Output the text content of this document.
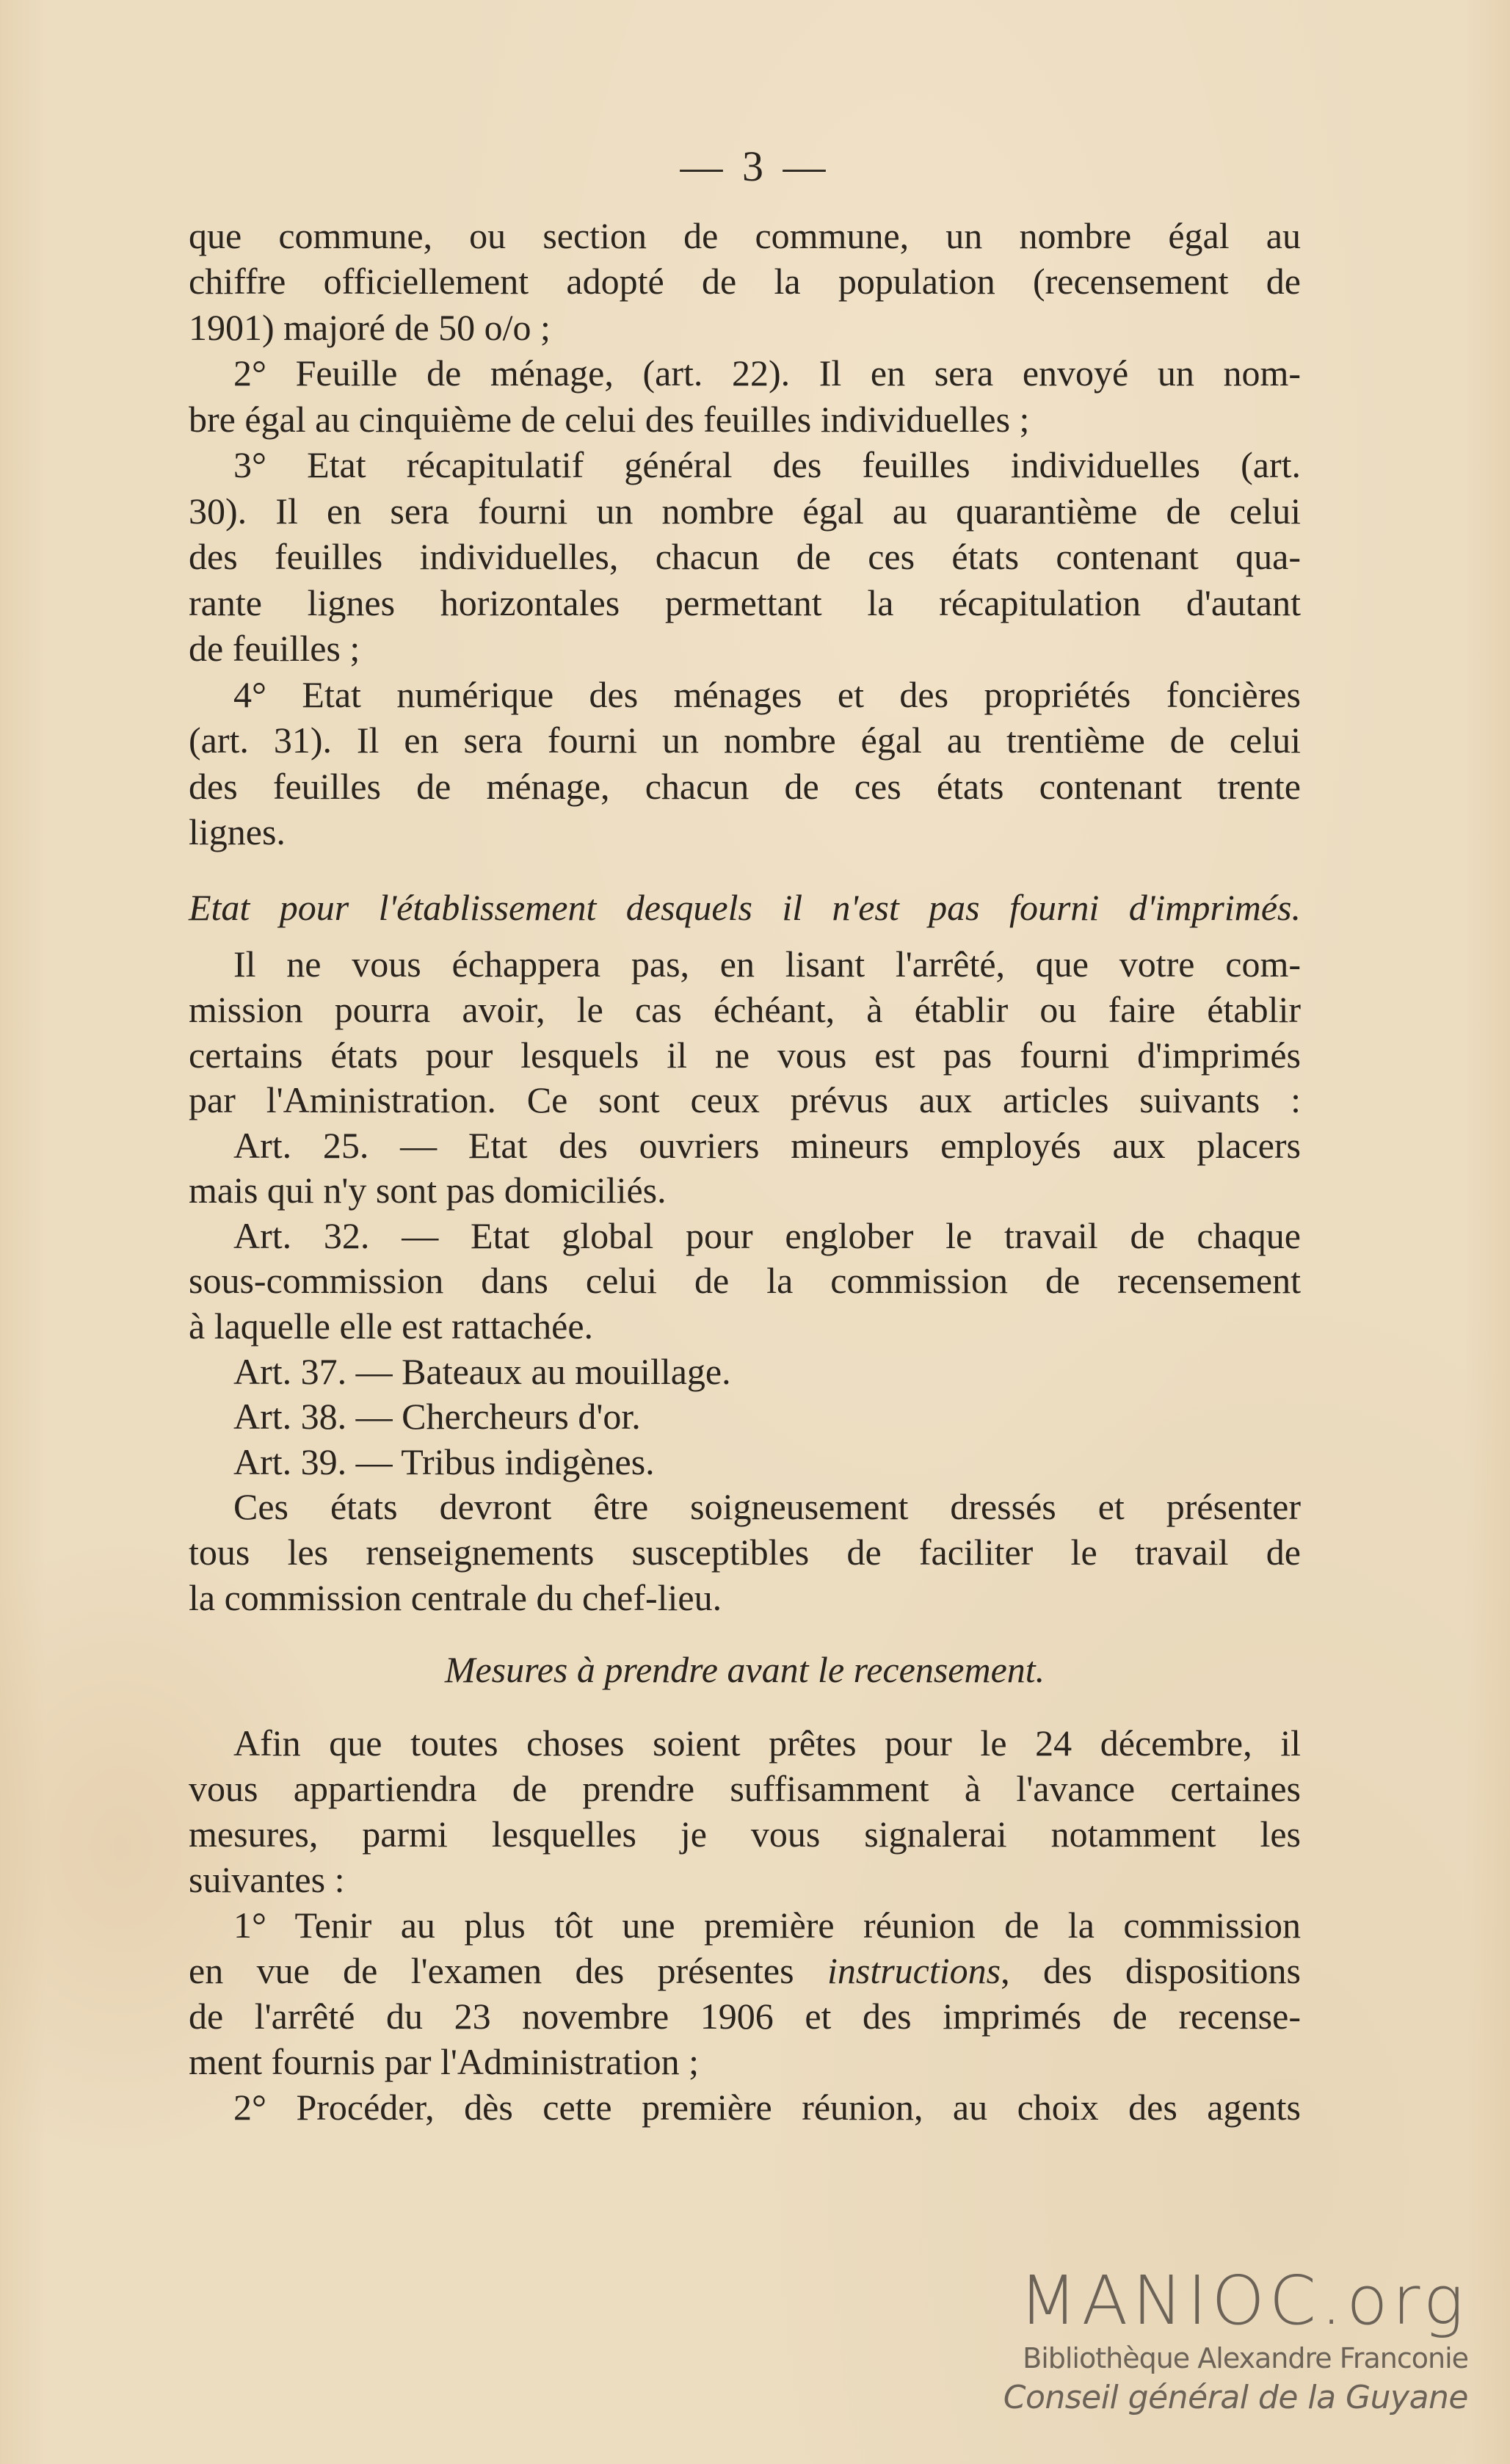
— 3 —
que commune, ou section de commune, un nombre égal au
chiffre officiellement adopté de la population (recensement de
1901) majoré de 50 o/o ;
2° Feuille de ménage, (art. 22). Il en sera envoyé un nom-
bre égal au cinquième de celui des feuilles individuelles ;
3° Etat récapitulatif général des feuilles individuelles (art.
30). Il en sera fourni un nombre égal au quarantième de celui
des feuilles individuelles, chacun de ces états contenant qua-
rante lignes horizontales permettant la récapitulation d'autant
de feuilles ;
4° Etat numérique des ménages et des propriétés foncières
(art. 31). Il en sera fourni un nombre égal au trentième de celui
des feuilles de ménage, chacun de ces états contenant trente
lignes.
Etat pour l'établissement desquels il n'est pas fourni d'imprimés.
Il ne vous échappera pas, en lisant l'arrêté, que votre com-
mission pourra avoir, le cas échéant, à établir ou faire établir
certains états pour lesquels il ne vous est pas fourni d'imprimés
par l'Aministration. Ce sont ceux prévus aux articles suivants :
Art. 25. — Etat des ouvriers mineurs employés aux placers
mais qui n'y sont pas domiciliés.
Art. 32. — Etat global pour englober le travail de chaque
sous-commission dans celui de la commission de recensement
à laquelle elle est rattachée.
Art. 37. — Bateaux au mouillage.
Art. 38. — Chercheurs d'or.
Art. 39. — Tribus indigènes.
Ces états devront être soigneusement dressés et présenter
tous les renseignements susceptibles de faciliter le travail de
la commission centrale du chef-lieu.
Mesures à prendre avant le recensement.
Afin que toutes choses soient prêtes pour le 24 décembre, il
vous appartiendra de prendre suffisamment à l'avance certaines
mesures, parmi lesquelles je vous signalerai notamment les
suivantes :
1° Tenir au plus tôt une première réunion de la commission
en vue de l'examen des présentes instructions, des dispositions
de l'arrêté du 23 novembre 1906 et des imprimés de recense-
ment fournis par l'Administration ;
2° Procéder, dès cette première réunion, au choix des agents
MANIOC.org
Bibliothèque Alexandre Franconie
Conseil général de la Guyane
